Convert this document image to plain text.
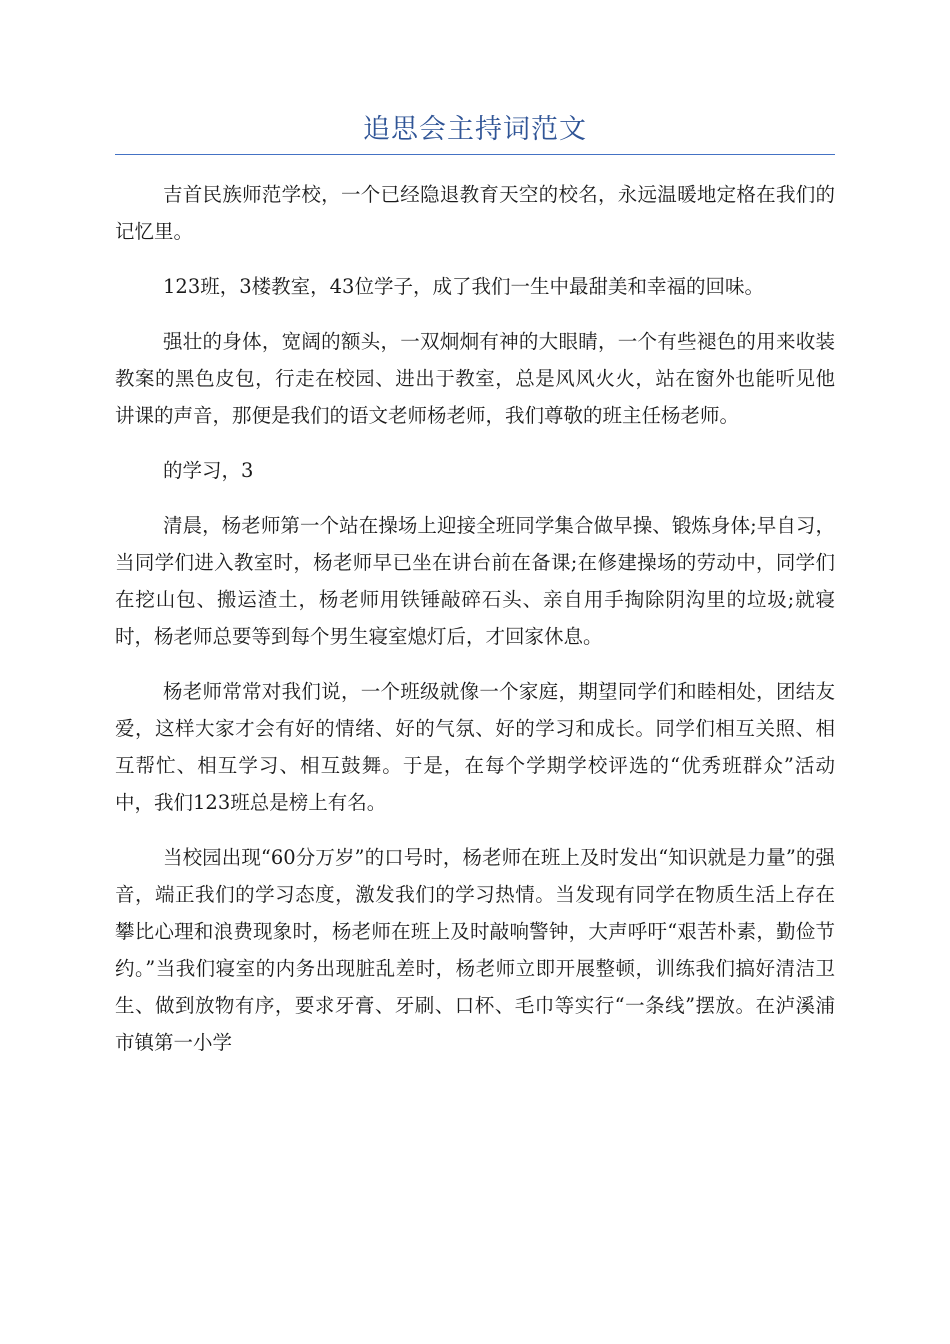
追思会主持词范文

吉首民族师范学校，一个已经隐退教育天空的校名，永远温暖地定格在我们的记忆里。

123班，3楼教室，43位学子，成了我们一生中最甜美和幸福的回味。

强壮的身体，宽阔的额头，一双炯炯有神的大眼睛，一个有些褪色的用来收装教案的黑色皮包，行走在校园、进出于教室，总是风风火火，站在窗外也能听见他讲课的声音，那便是我们的语文老师杨老师，我们尊敬的班主任杨老师。

的学习，3

清晨，杨老师第一个站在操场上迎接全班同学集合做早操、锻炼身体;早自习，当同学们进入教室时，杨老师早已坐在讲台前在备课;在修建操场的劳动中，同学们在挖山包、搬运渣土，杨老师用铁锤敲碎石头、亲自用手掏除阴沟里的垃圾;就寝时，杨老师总要等到每个男生寝室熄灯后，才回家休息。

杨老师常常对我们说，一个班级就像一个家庭，期望同学们和睦相处，团结友爱，这样大家才会有好的情绪、好的气氛、好的学习和成长。同学们相互关照、相互帮忙、相互学习、相互鼓舞。于是，在每个学期学校评选的“优秀班群众”活动中，我们123班总是榜上有名。

当校园出现“60分万岁”的口号时，杨老师在班上及时发出“知识就是力量”的强音，端正我们的学习态度，激发我们的学习热情。当发现有同学在物质生活上存在攀比心理和浪费现象时，杨老师在班上及时敲响警钟，大声呼吁“艰苦朴素，勤俭节约。”当我们寝室的内务出现脏乱差时，杨老师立即开展整顿，训练我们搞好清洁卫生、做到放物有序，要求牙膏、牙刷、口杯、毛巾等实行“一条线”摆放。在泸溪浦市镇第一小学
